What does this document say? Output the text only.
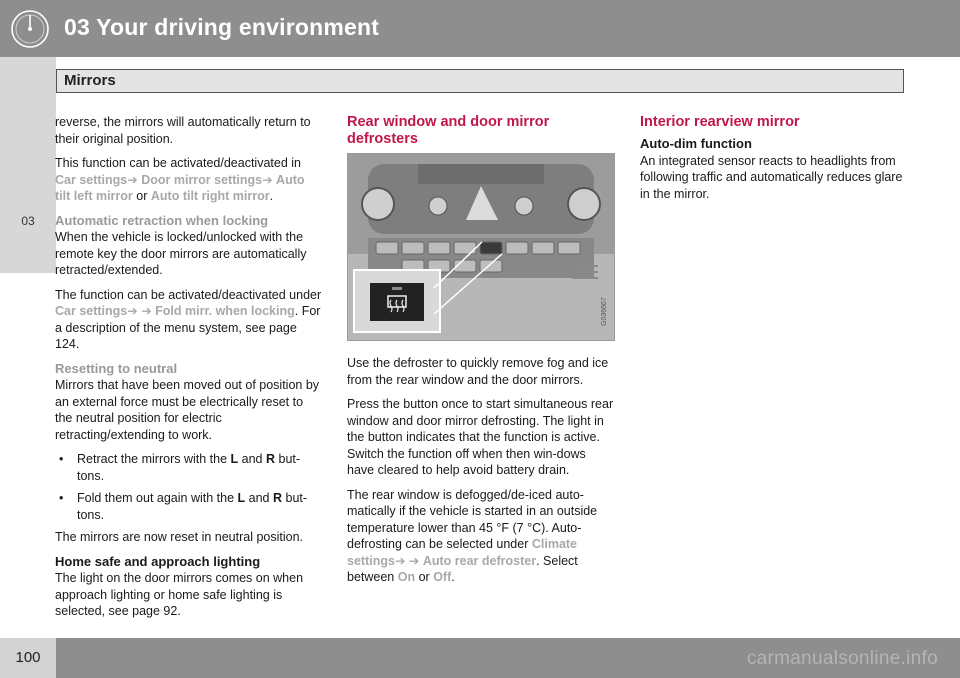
03 Your driving environment
03
Mirrors

reverse, the mirrors will automatically return to their original position.

This function can be activated/deactivated in
Car settings➔ Door mirror settings➔ Auto tilt left mirror or Auto tilt right mirror.

Automatic retraction when locking

When the vehicle is locked/unlocked with the remote key the door mirrors are automatically retracted/extended.

The function can be activated/deactivated under Car settings➔ ➔ Fold mirr. when locking. For a description of the menu system, see page 124.

Resetting to neutral

Mirrors that have been moved out of position by an external force must be electrically reset to the neutral position for electric retracting/extending to work.

• Retract the mirrors with the L and R but-tons.
• Fold them out again with the L and R but-tons.

The mirrors are now reset in neutral position.

Home safe and approach lighting

The light on the door mirrors comes on when approach lighting or home safe lighting is selected, see page 92.

Rear window and door mirror defrosters
G036667

Use the defroster to quickly remove fog and ice from the rear window and the door mirrors.

Press the button once to start simultaneous rear window and door mirror defrosting. The light in the button indicates that the function is active. Switch the function off when then win-dows have cleared to help avoid battery drain.

The rear window is defogged/de-iced auto-matically if the vehicle is started in an outside temperature lower than 45 °F (7 °C). Auto-defrosting can be selected under Climate settings➔ ➔ Auto rear defroster. Select between On or Off.

Interior rearview mirror
Auto-dim function

An integrated sensor reacts to headlights from following traffic and automatically reduces glare in the mirror.

100	carmanualsonline.info
